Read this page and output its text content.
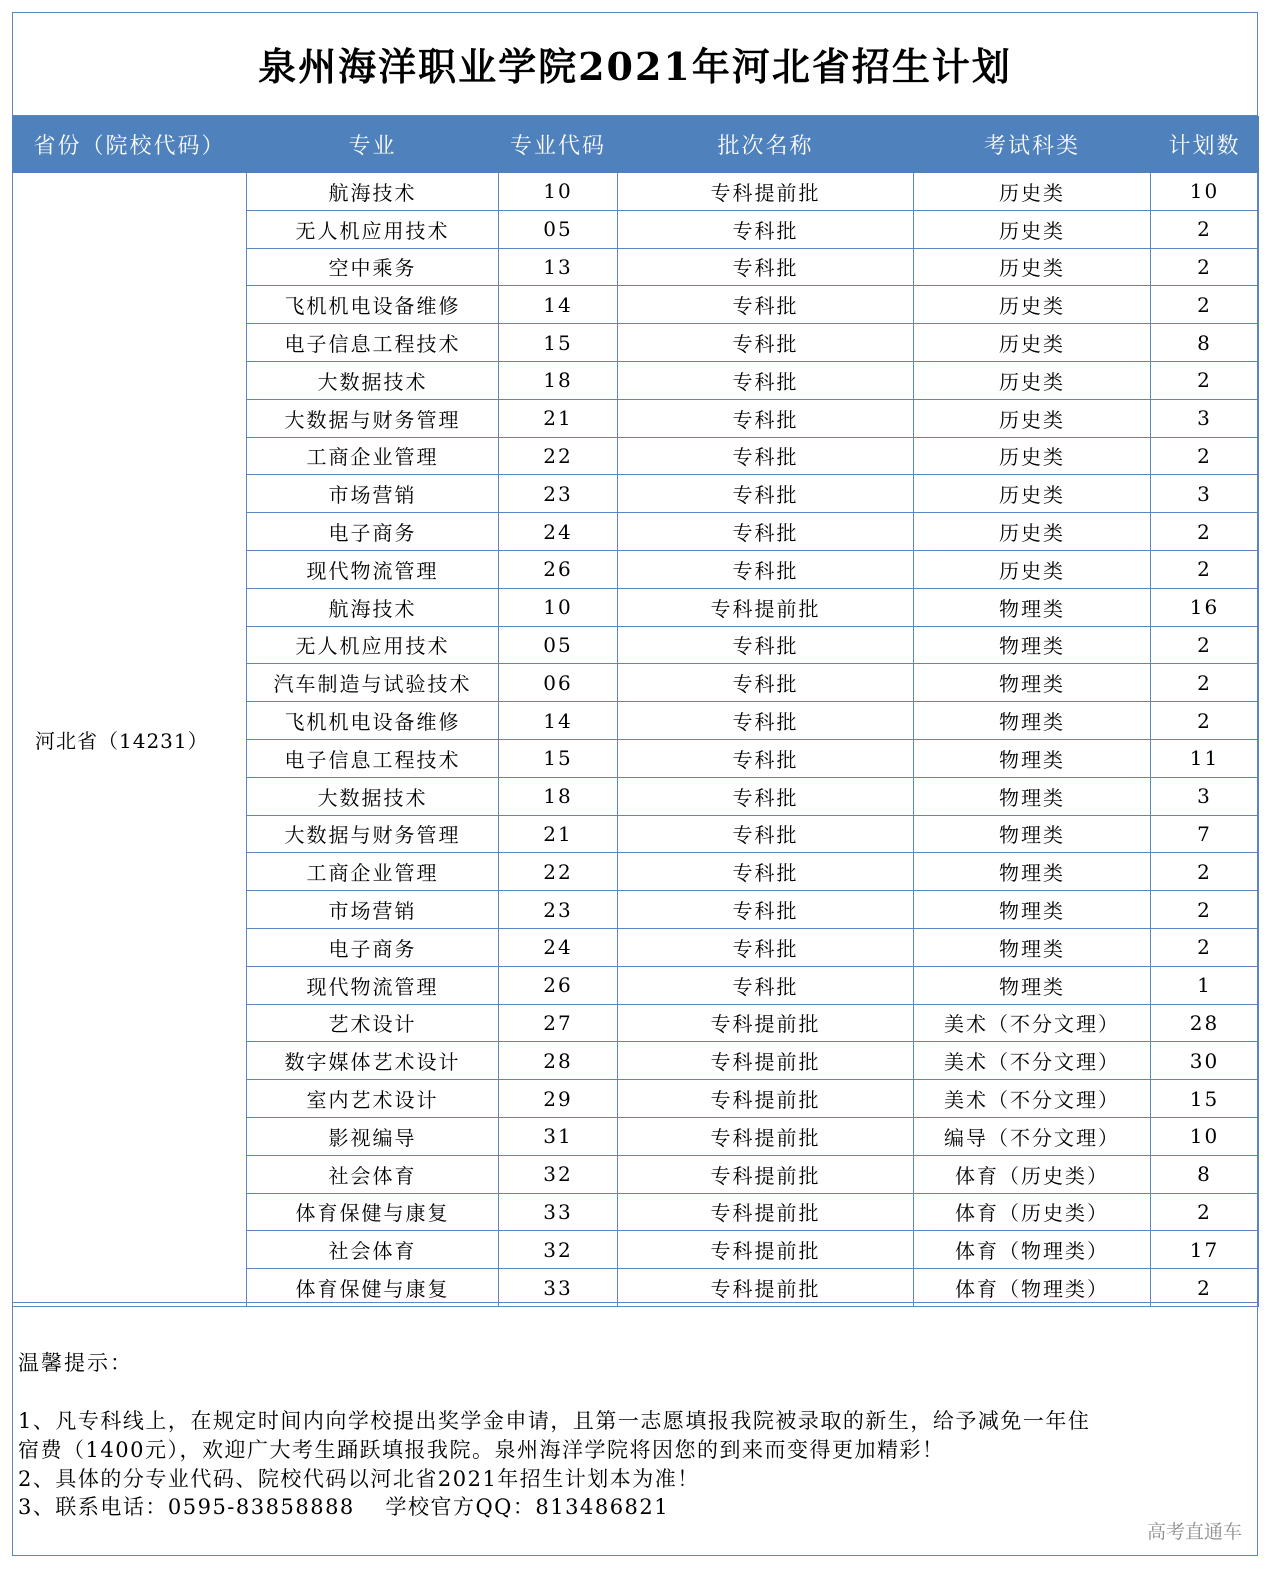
泉州海洋职业学院2021年河北省招生计划
省份（院校代码）	专业	专业代码	批次名称	考试科类	计划数
河北省（14231）	航海技术	10	专科提前批	历史类	10
	无人机应用技术	05	专科批	历史类	2
	空中乘务	13	专科批	历史类	2
	飞机机电设备维修	14	专科批	历史类	2
	电子信息工程技术	15	专科批	历史类	8
	大数据技术	18	专科批	历史类	2
	大数据与财务管理	21	专科批	历史类	3
	工商企业管理	22	专科批	历史类	2
	市场营销	23	专科批	历史类	3
	电子商务	24	专科批	历史类	2
	现代物流管理	26	专科批	历史类	2
	航海技术	10	专科提前批	物理类	16
	无人机应用技术	05	专科批	物理类	2
	汽车制造与试验技术	06	专科批	物理类	2
	飞机机电设备维修	14	专科批	物理类	2
	电子信息工程技术	15	专科批	物理类	11
	大数据技术	18	专科批	物理类	3
	大数据与财务管理	21	专科批	物理类	7
	工商企业管理	22	专科批	物理类	2
	市场营销	23	专科批	物理类	2
	电子商务	24	专科批	物理类	2
	现代物流管理	26	专科批	物理类	1
	艺术设计	27	专科提前批	美术（不分文理）	28
	数字媒体艺术设计	28	专科提前批	美术（不分文理）	30
	室内艺术设计	29	专科提前批	美术（不分文理）	15
	影视编导	31	专科提前批	编导（不分文理）	10
	社会体育	32	专科提前批	体育（历史类）	8
	体育保健与康复	33	专科提前批	体育（历史类）	2
	社会体育	32	专科提前批	体育（物理类）	17
	体育保健与康复	33	专科提前批	体育（物理类）	2
温馨提示：
1、凡专科线上，在规定时间内向学校提出奖学金申请，且第一志愿填报我院被录取的新生，给予减免一年住
宿费（1400元），欢迎广大考生踊跃填报我院。泉州海洋学院将因您的到来而变得更加精彩！
2、具体的分专业代码、院校代码以河北省2021年招生计划本为准！
3、联系电话：0595-83858888　 学校官方QQ：813486821
高考直通车
